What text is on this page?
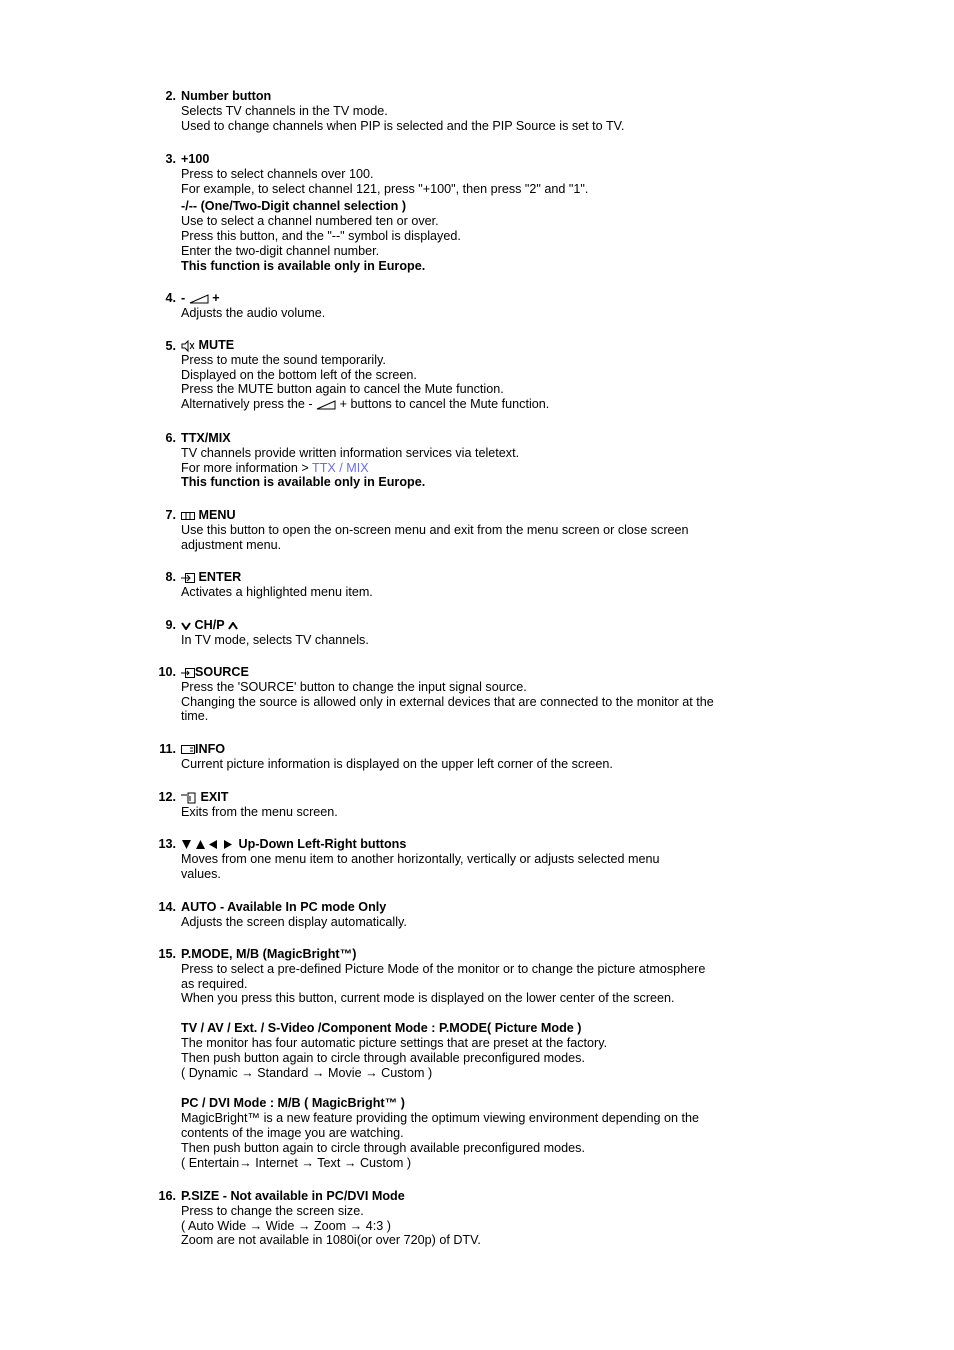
2. Number button
Selects TV channels in the TV mode.
Used to change channels when PIP is selected and the PIP Source is set to TV.
3. +100
Press to select channels over 100.
For example, to select channel 121, press "+100", then press "2" and "1".
-/-- (One/Two-Digit channel selection )
Use to select a channel numbered ten or over.
Press this button, and the "--" symbol is displayed.
Enter the two-digit channel number.
This function is available only in Europe.
4. - +
Adjusts the audio volume.
5.	MUTE
Press to mute the sound temporarily.
Displayed on the bottom left of the screen.
Press the MUTE button again to cancel the Mute function.
Alternatively press the - + buttons to cancel the Mute function.
6. TTX/MIX
TV channels provide written information services via teletext.
For more information > TTX / MIX
This function is available only in Europe.
7.	MENU
Use this button to open the on-screen menu and exit from the menu screen or close screen adjustment menu.
8.	ENTER
Activates a highlighted menu item.
9.	CH/P
In TV mode, selects TV channels.
10.	SOURCE
Press the 'SOURCE' button to change the input signal source.
Changing the source is allowed only in external devices that are connected to the monitor at the time.
11.	INFO
Current picture information is displayed on the upper left corner of the screen.
12.	EXIT
Exits from the menu screen.
13.	Up-Down Left-Right buttons
Moves from one menu item to another horizontally, vertically or adjusts selected menu values.
14. AUTO - Available In PC mode Only
Adjusts the screen display automatically.
15. P.MODE, M/B (MagicBright™)
Press to select a pre-defined Picture Mode of the monitor or to change the picture atmosphere as required.
When you press this button, current mode is displayed on the lower center of the screen.
TV / AV / Ext. / S-Video /Component Mode : P.MODE( Picture Mode )
The monitor has four automatic picture settings that are preset at the factory.
Then push button again to circle through available preconfigured modes.
( Dynamic → Standard → Movie → Custom )
PC / DVI Mode : M/B ( MagicBright™ )
MagicBright™ is a new feature providing the optimum viewing environment depending on the contents of the image you are watching.
Then push button again to circle through available preconfigured modes.
( Entertain→ Internet → Text → Custom )
16. P.SIZE - Not available in PC/DVI Mode
Press to change the screen size.
( Auto Wide → Wide → Zoom → 4:3 )
Zoom are not available in 1080i(or over 720p) of DTV.
